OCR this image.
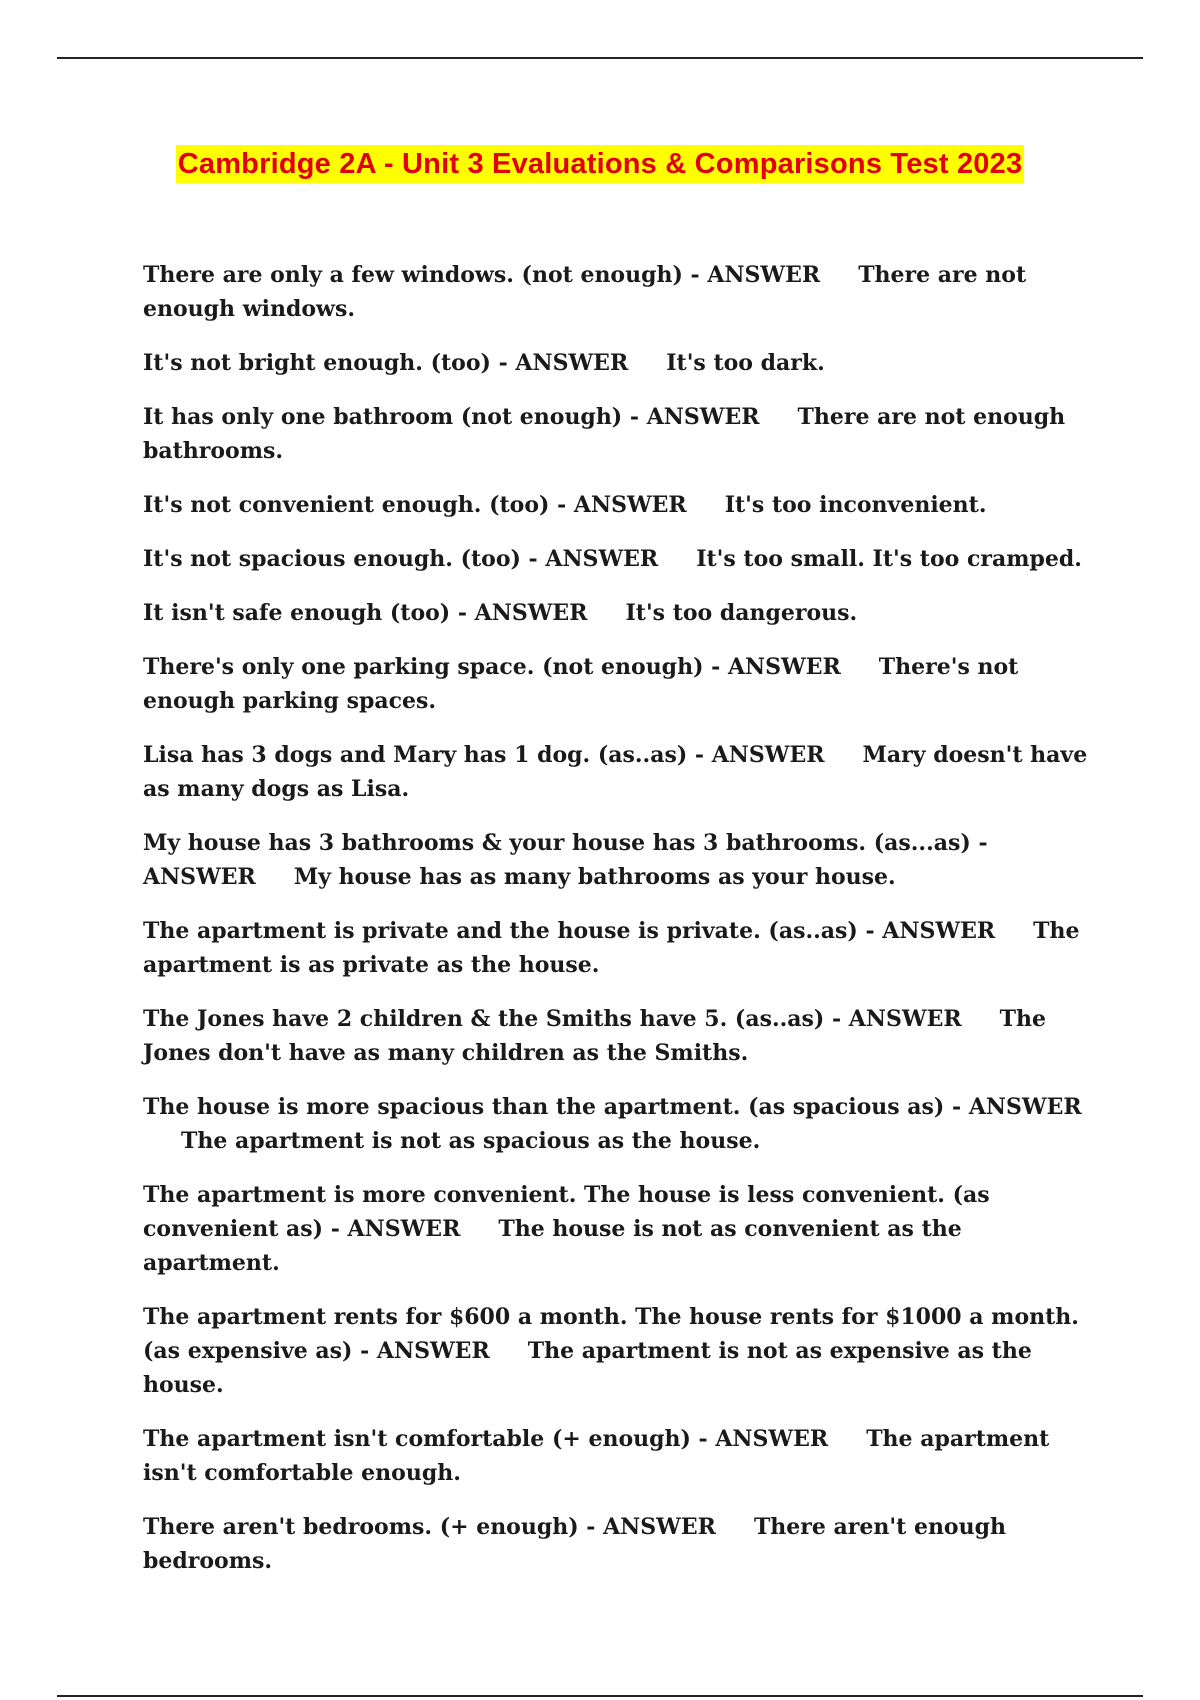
Cambridge 2A - Unit 3 Evaluations & Comparisons Test 2023
There are only a few windows. (not enough) - ANSWER There are not enough windows.
It's not bright enough. (too) - ANSWER It's too dark.
It has only one bathroom (not enough) - ANSWER There are not enough bathrooms.
It's not convenient enough. (too) - ANSWER It's too inconvenient.
It's not spacious enough. (too) - ANSWER It's too small. It's too cramped.
It isn't safe enough (too) - ANSWER It's too dangerous.
There's only one parking space. (not enough) - ANSWER There's not enough parking spaces.
Lisa has 3 dogs and Mary has 1 dog. (as..as) - ANSWER Mary doesn't have as many dogs as Lisa.
My house has 3 bathrooms & your house has 3 bathrooms. (as...as) - ANSWER My house has as many bathrooms as your house.
The apartment is private and the house is private. (as..as) - ANSWER The apartment is as private as the house.
The Jones have 2 children & the Smiths have 5. (as..as) - ANSWER The Jones don't have as many children as the Smiths.
The house is more spacious than the apartment. (as spacious as) - ANSWERThe apartment is not as spacious as the house.
The apartment is more convenient. The house is less convenient. (as convenient as) - ANSWER The house is not as convenient as the apartment.
The apartment rents for $600 a month. The house rents for $1000 a month. (as expensive as) - ANSWER The apartment is not as expensive as the house.
The apartment isn't comfortable (+ enough) - ANSWER The apartment isn't comfortable enough.
There aren't bedrooms. (+ enough) - ANSWER There aren't enough bedrooms.
